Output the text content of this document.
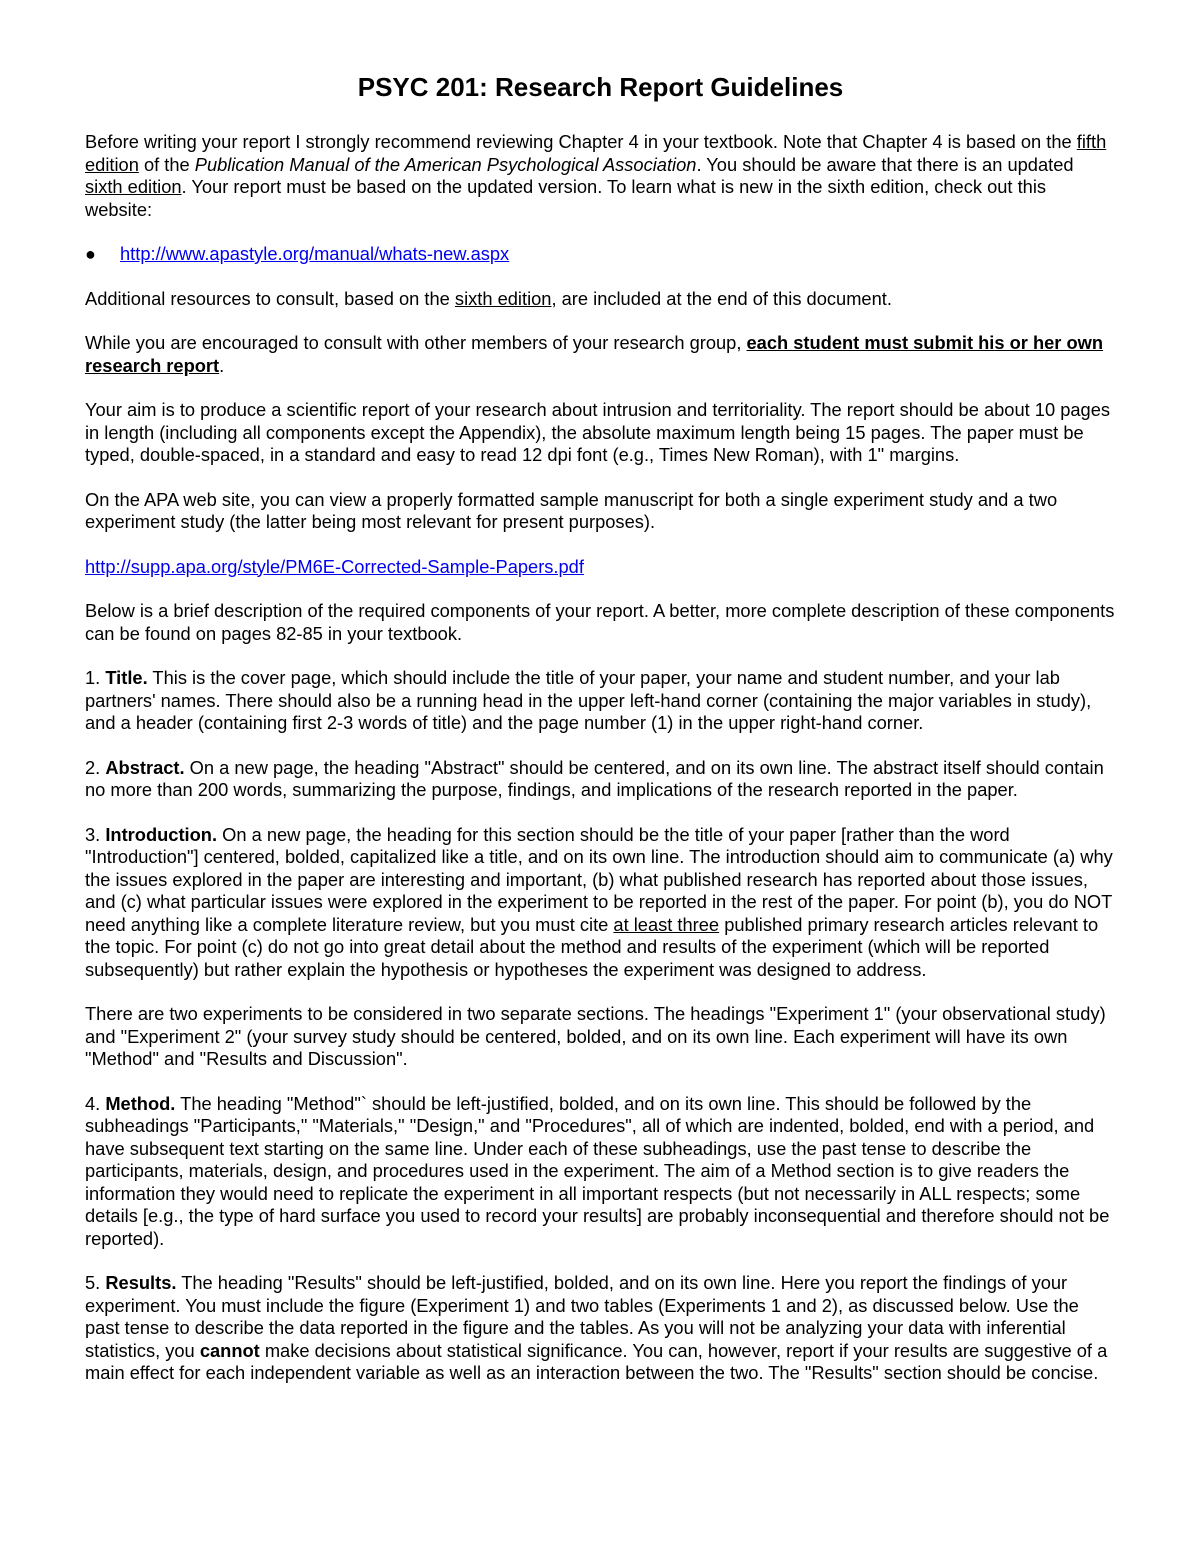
PSYC 201: Research Report Guidelines

Before writing your report I strongly recommend reviewing Chapter 4 in your textbook. Note that Chapter 4 is based on the fifth edition of the Publication Manual of the American Psychological Association. You should be aware that there is an updated sixth edition. Your report must be based on the updated version. To learn what is new in the sixth edition, check out this website:

●	http://www.apastyle.org/manual/whats-new.aspx

Additional resources to consult, based on the sixth edition, are included at the end of this document.

While you are encouraged to consult with other members of your research group, each student must submit his or her own research report.

Your aim is to produce a scientific report of your research about intrusion and territoriality. The report should be about 10 pages in length (including all components except the Appendix), the absolute maximum length being 15 pages. The paper must be typed, double-spaced, in a standard and easy to read 12 dpi font (e.g., Times New Roman), with 1" margins.

On the APA web site, you can view a properly formatted sample manuscript for both a single experiment study and a two experiment study (the latter being most relevant for present purposes).

http://supp.apa.org/style/PM6E-Corrected-Sample-Papers.pdf

Below is a brief description of the required components of your report. A better, more complete description of these components can be found on pages 82-85 in your textbook.

1. Title. This is the cover page, which should include the title of your paper, your name and student number, and your lab partners' names. There should also be a running head in the upper left-hand corner (containing the major variables in study), and a header (containing first 2-3 words of title) and the page number (1) in the upper right-hand corner.

2. Abstract. On a new page, the heading "Abstract" should be centered, and on its own line. The abstract itself should contain no more than 200 words, summarizing the purpose, findings, and implications of the research reported in the paper.

3. Introduction. On a new page, the heading for this section should be the title of your paper [rather than the word "Introduction"] centered, bolded, capitalized like a title, and on its own line. The introduction should aim to communicate (a) why the issues explored in the paper are interesting and important, (b) what published research has reported about those issues, and (c) what particular issues were explored in the experiment to be reported in the rest of the paper. For point (b), you do NOT need anything like a complete literature review, but you must cite at least three published primary research articles relevant to the topic. For point (c) do not go into great detail about the method and results of the experiment (which will be reported subsequently) but rather explain the hypothesis or hypotheses the experiment was designed to address.

There are two experiments to be considered in two separate sections. The headings "Experiment 1" (your observational study) and "Experiment 2" (your survey study should be centered, bolded, and on its own line. Each experiment will have its own "Method" and "Results and Discussion".

4. Method. The heading "Method"` should be left-justified, bolded, and on its own line. This should be followed by the subheadings "Participants," "Materials," "Design," and "Procedures", all of which are indented, bolded, end with a period, and have subsequent text starting on the same line. Under each of these subheadings, use the past tense to describe the participants, materials, design, and procedures used in the experiment. The aim of a Method section is to give readers the information they would need to replicate the experiment in all important respects (but not necessarily in ALL respects; some details [e.g., the type of hard surface you used to record your results] are probably inconsequential and therefore should not be reported).

5. Results. The heading "Results" should be left-justified, bolded, and on its own line. Here you report the findings of your experiment. You must include the figure (Experiment 1) and two tables (Experiments 1 and 2), as discussed below. Use the past tense to describe the data reported in the figure and the tables. As you will not be analyzing your data with inferential statistics, you cannot make decisions about statistical significance. You can, however, report if your results are suggestive of a main effect for each independent variable as well as an interaction between the two. The "Results" section should be concise.
